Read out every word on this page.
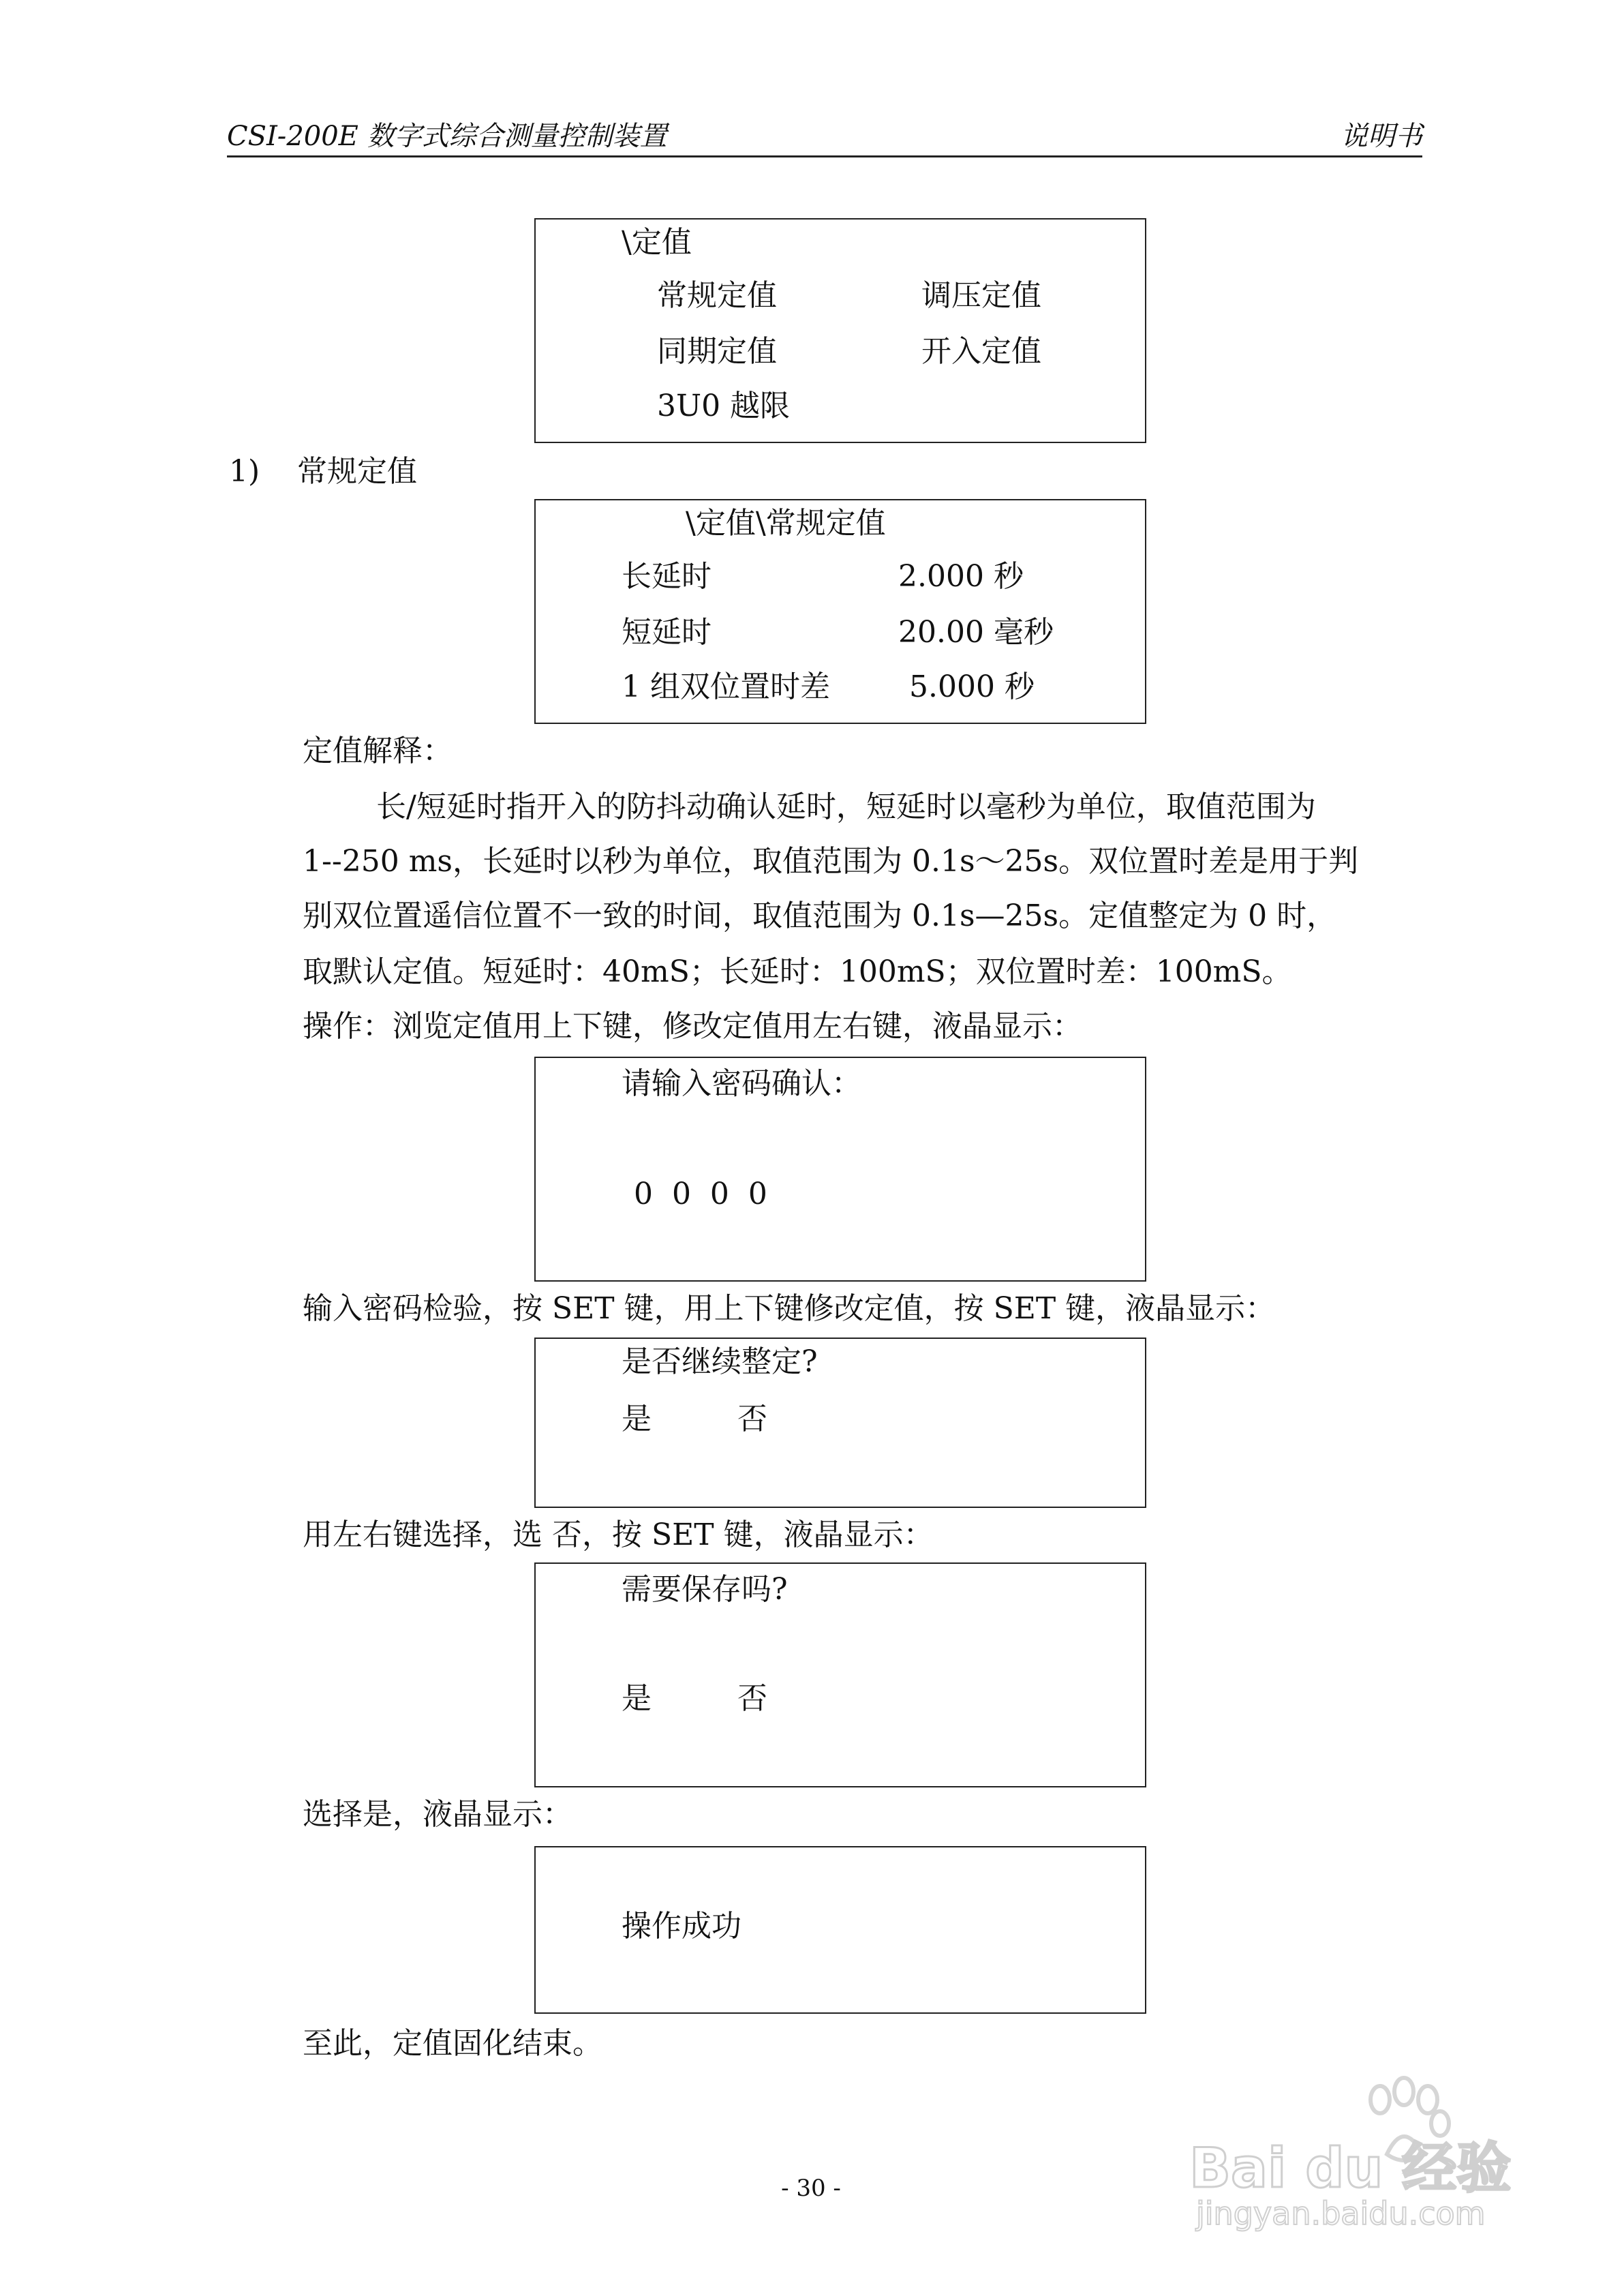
CSI-200E 数字式综合测量控制装置	说明书
\定值
常规定值	调压定值
同期定值	开入定值
3U0 越限
1) 常规定值
\定值\常规定值
长延时	2.000 秒
短延时	20.00 毫秒
1 组双位置时差	5.000 秒
定值解释：
长/短延时指开入的防抖动确认延时，短延时以毫秒为单位，取值范围为
1--250 ms，长延时以秒为单位，取值范围为 0.1s～25s。双位置时差是用于判
别双位置遥信位置不一致的时间，取值范围为 0.1s—25s。定值整定为 0 时，
取默认定值。短延时：40mS；长延时：100mS；双位置时差：100mS。
操作：浏览定值用上下键，修改定值用左右键，液晶显示：
请输入密码确认：
0  0  0  0
输入密码检验，按 SET 键，用上下键修改定值，按 SET 键，液晶显示：
是否继续整定?
是	否
用左右键选择，选 否，按 SET 键，液晶显示：
需要保存吗?
是	否
选择是，液晶显示：
操作成功
至此，定值固化结束。
- 30 -	Bai du 经验
jingyan.baidu.com
